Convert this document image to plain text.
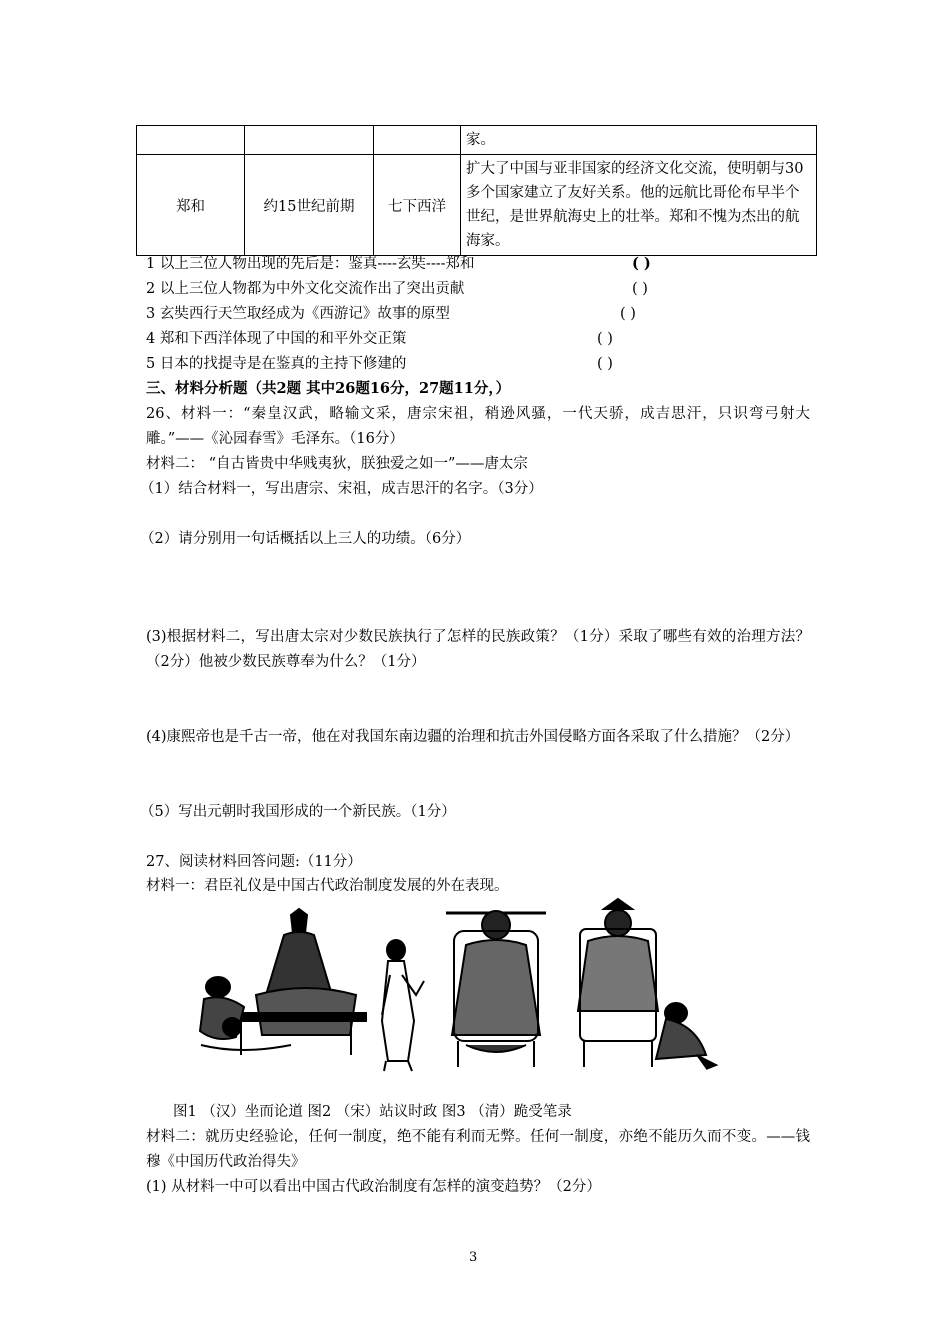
			家。
郑和	约15世纪前期	七下西洋	扩大了中国与亚非国家的经济文化交流，使明朝与30多个国家建立了友好关系。他的远航比哥伦布早半个世纪，是世界航海史上的壮举。郑和不愧为杰出的航海家。
1 以上三位人物出现的先后是：鉴真----玄奘----郑和	( )
2 以上三位人物都为中外文化交流作出了突出贡献	( )
3 玄奘西行天竺取经成为《西游记》故事的原型	( )
4 郑和下西洋体现了中国的和平外交正策	( )
5 日本的找提寺是在鉴真的主持下修建的	( )
三、材料分析题（共2题 其中26题16分，27题11分，）
26、材料一：“秦皇汉武，略输文采，唐宗宋祖，稍逊风骚，一代天骄，成吉思汗，只识弯弓射大雕。”——《沁园春雪》毛泽东。（16分）
材料二： “自古皆贵中华贱夷狄，朕独爱之如一”——唐太宗
（1）结合材料一，写出唐宗、宋祖，成吉思汗的名字。（3分）
（2）请分别用一句话概括以上三人的功绩。（6分）
(3)根据材料二，写出唐太宗对少数民族执行了怎样的民族政策？（1分）采取了哪些有效的治理方法？（2分）他被少数民族尊奉为什么？（1分）
(4)康熙帝也是千古一帝，他在对我国东南边疆的治理和抗击外国侵略方面各采取了什么措施？（2分）
（5）写出元朝时我国形成的一个新民族。（1分）
27、阅读材料回答问题:（11分）
材料一：君臣礼仪是中国古代政治制度发展的外在表现。
图1 （汉）坐而论道 图2 （宋）站议时政 图3 （清）跪受笔录
材料二：就历史经验论，任何一制度，绝不能有利而无弊。任何一制度，亦绝不能历久而不变。——钱穆《中国历代政治得失》
(1) 从材料一中可以看出中国古代政治制度有怎样的演变趋势？（2分）
3
